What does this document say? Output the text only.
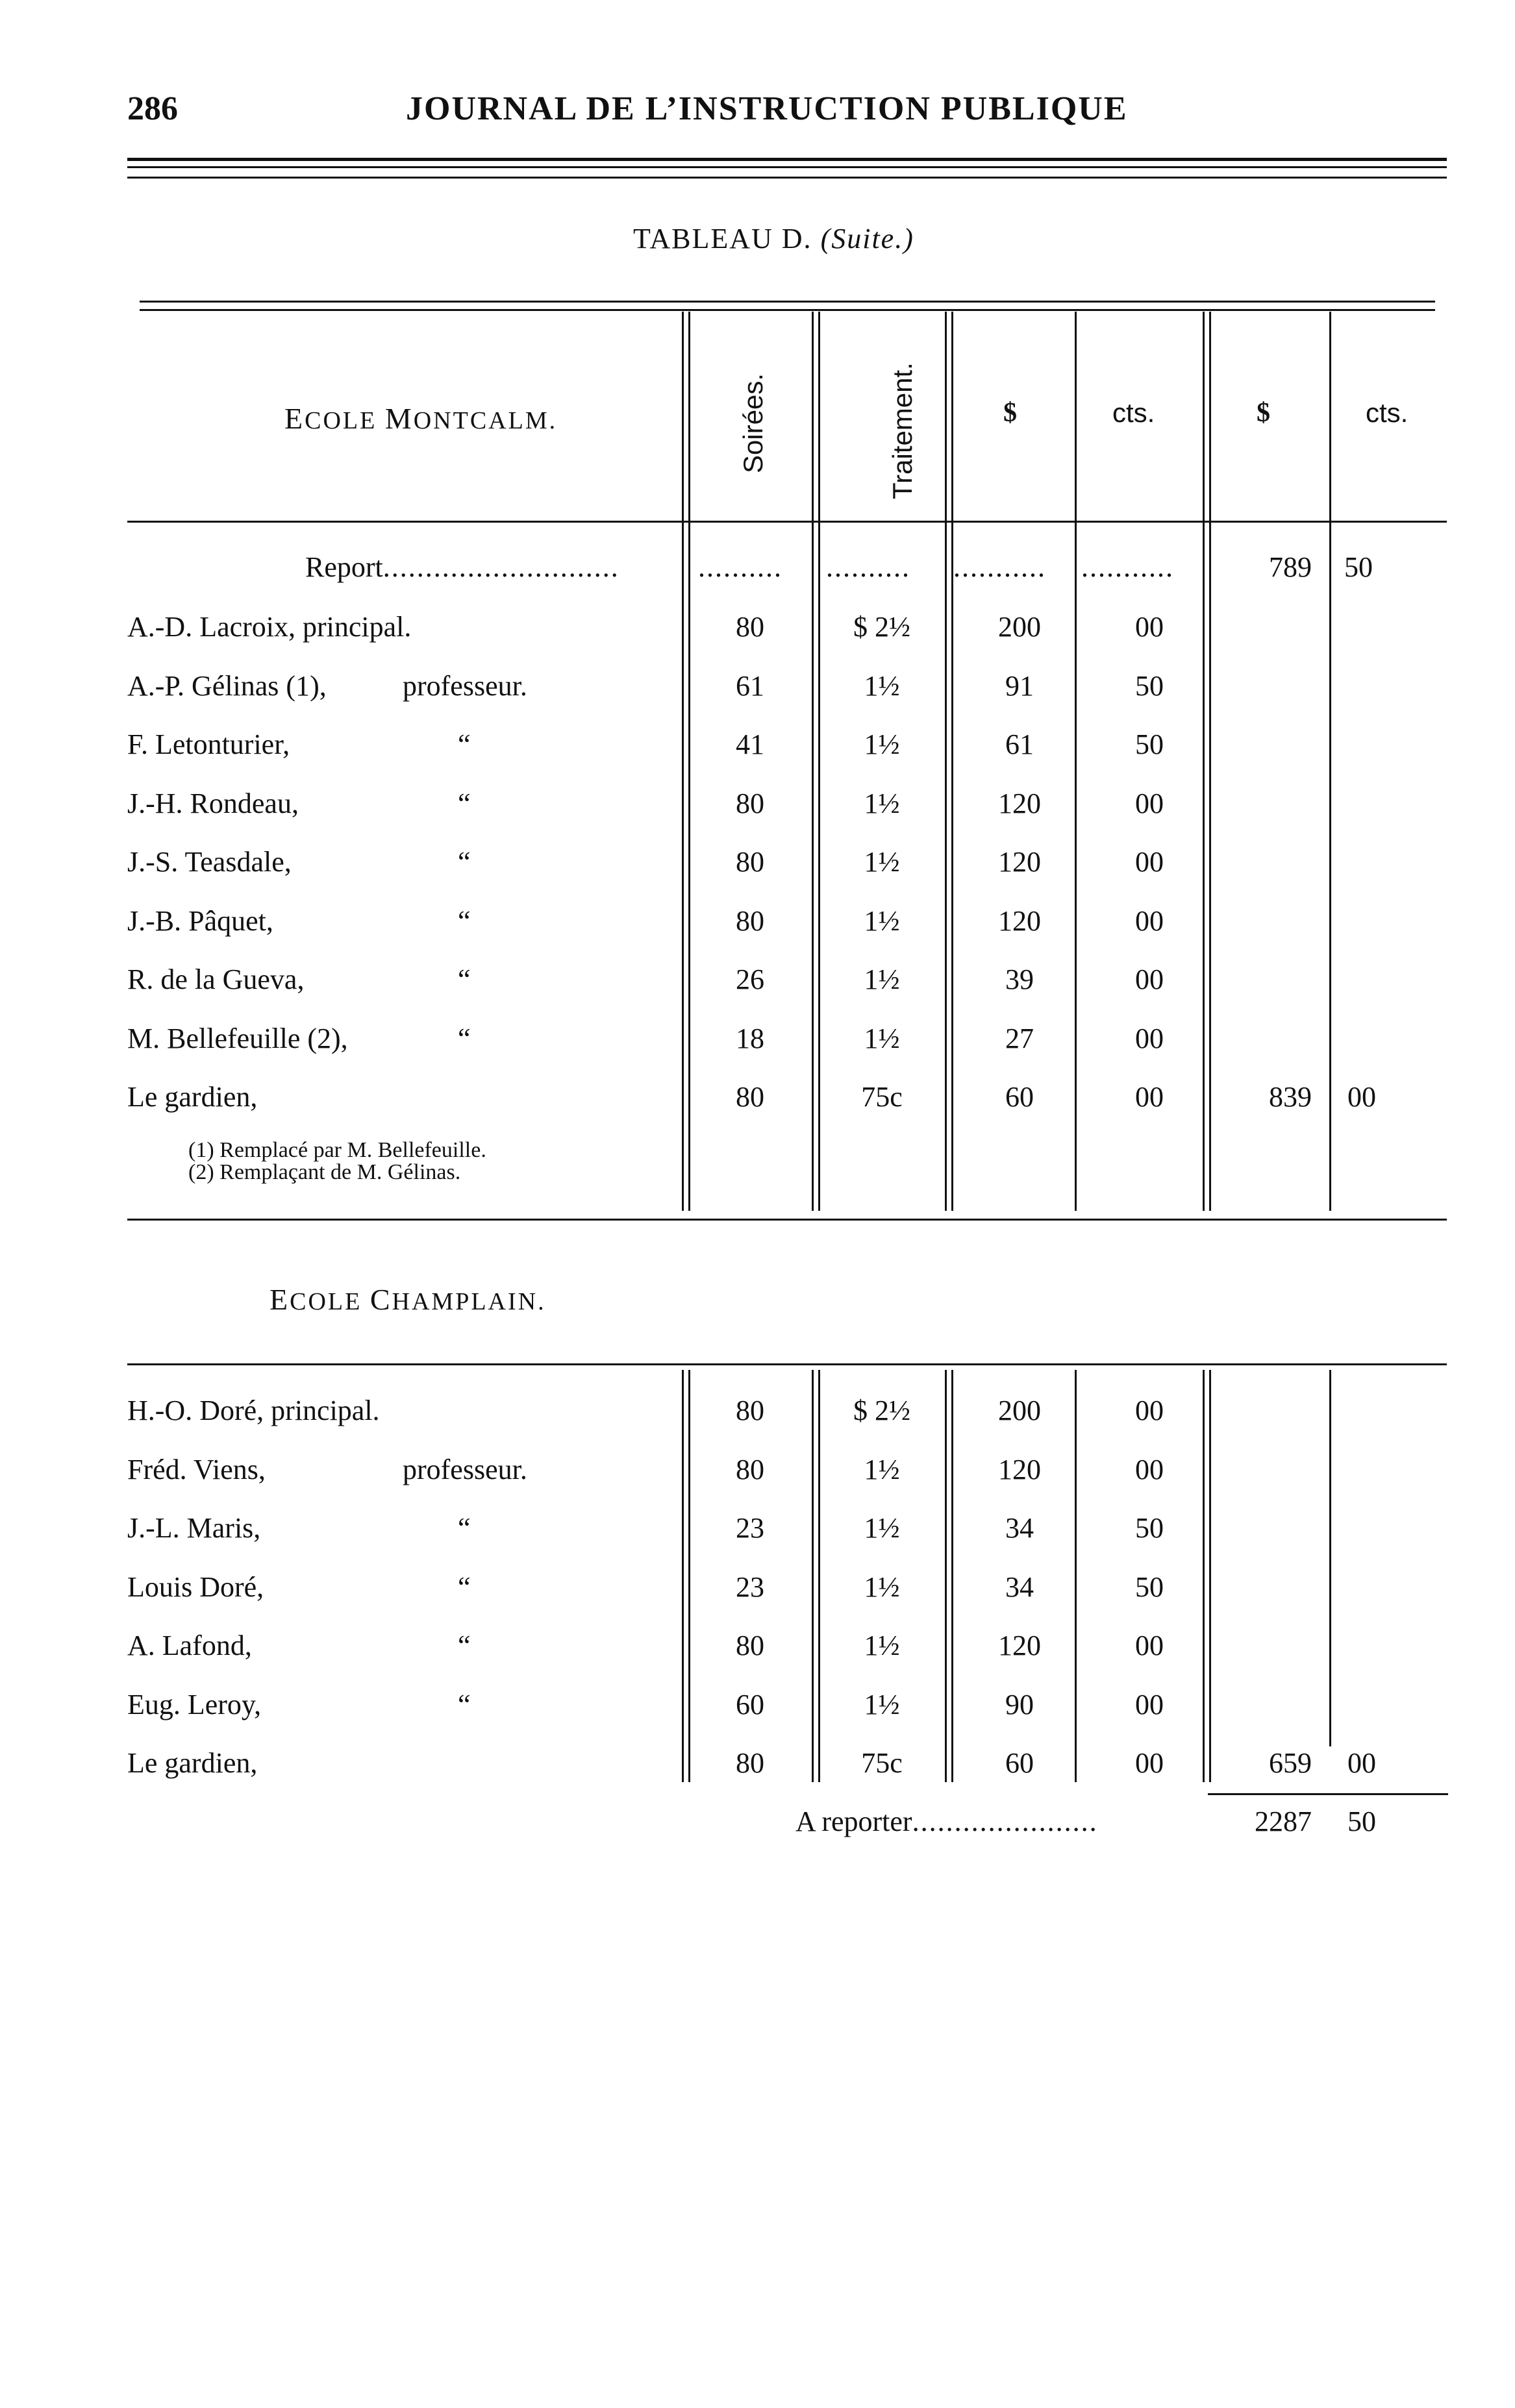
286	JOURNAL DE L’INSTRUCTION PUBLIQUE
TABLEAU D. (Suite.)
ECOLE MONTCALM.	Soirées.	Traitement.	$	cts.	$	cts.
Report............................	.......... .......... ........... ...........	789 50
A.-D. Lacroix, principal.	80	$ 2½	200	00
A.-P. Gélinas (1),	professeur.	61	1½	91	50
F. Letonturier,	“	41	1½	61	50
J.-H. Rondeau,	“	80	1½	120	00
J.-S. Teasdale,	“	80	1½	120	00
J.-B. Pâquet,	“	80	1½	120	00
R. de la Gueva,	“	26	1½	39	00
M. Bellefeuille (2),	“	18	1½	27	00
Le gardien,	80	75c	60	00	839 00
(1) Remplacé par M. Bellefeuille.
(2) Remplaçant de M. Gélinas.
ECOLE CHAMPLAIN.
H.-O. Doré, principal.	80	$ 2½	200	00
Fréd. Viens,	professeur.	80	1½	120	00
J.-L. Maris,	“	23	1½	34	50
Louis Doré,	“	23	1½	34	50
A. Lafond,	“	80	1½	120	00
Eug. Leroy,	“	60	1½	90	00
Le gardien,	80	75c	60	00	659 00
A reporter......................	2287 50
